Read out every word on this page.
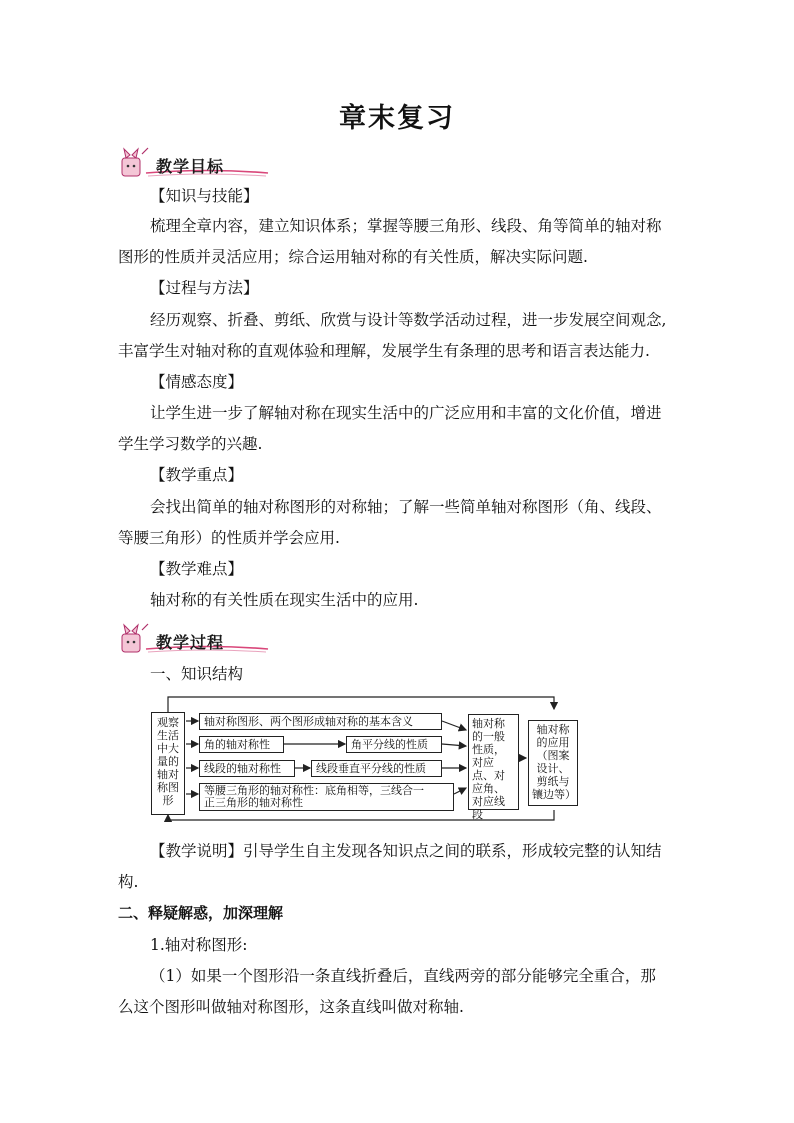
章末复习
教学目标
【知识与技能】
梳理全章内容，建立知识体系；掌握等腰三角形、线段、角等简单的轴对称
图形的性质并灵活应用；综合运用轴对称的有关性质，解决实际问题.
【过程与方法】
经历观察、折叠、剪纸、欣赏与设计等数学活动过程，进一步发展空间观念,
丰富学生对轴对称的直观体验和理解，发展学生有条理的思考和语言表达能力.
【情感态度】
让学生进一步了解轴对称在现实生活中的广泛应用和丰富的文化价值，增进
学生学习数学的兴趣.
【教学重点】
会找出简单的轴对称图形的对称轴；了解一些简单轴对称图形（角、线段、
等腰三角形）的性质并学会应用.
【教学难点】
轴对称的有关性质在现实生活中的应用.
教学过程
一、知识结构
观察生活中大量的轴对称图形
轴对称图形、两个图形成轴对称的基本含义
角的轴对称性	角平分线的性质
线段的轴对称性	线段垂直平分线的性质
等腰三角形的轴对称性：底角相等，三线合一
正三角形的轴对称性
轴对称的一般性质，对应点、对应角、对应线段
轴对称的应用（图案设计、剪纸与镶边等）
【教学说明】引导学生自主发现各知识点之间的联系，形成较完整的认知结
构.
二、释疑解惑，加深理解
1.轴对称图形:
（1）如果一个图形沿一条直线折叠后，直线两旁的部分能够完全重合，那
么这个图形叫做轴对称图形，这条直线叫做对称轴.
